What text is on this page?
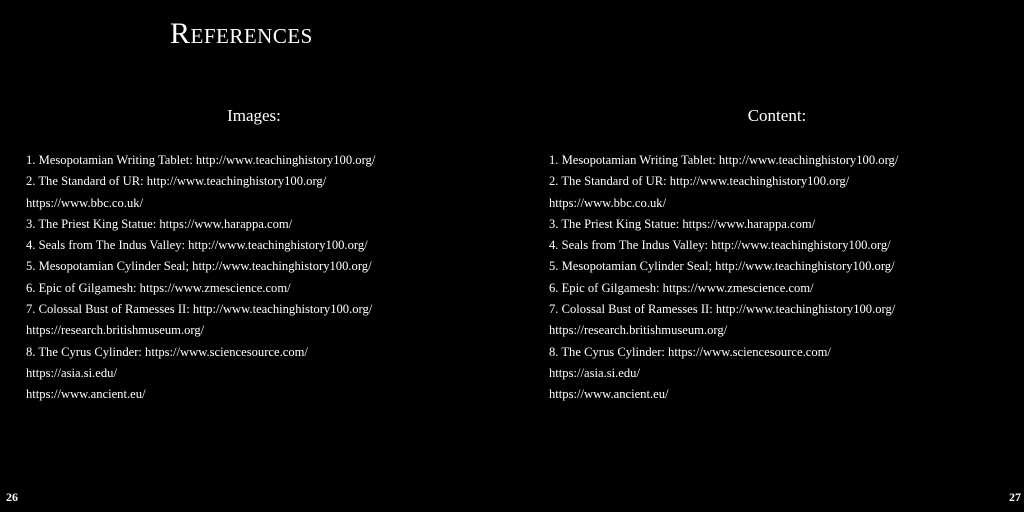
References
Images:
1. Mesopotamian Writing Tablet: http://www.teachinghistory100.org/
2. The Standard of UR: http://www.teachinghistory100.org/
https://www.bbc.co.uk/
3. The Priest King Statue: https://www.harappa.com/
4. Seals from The Indus Valley: http://www.teachinghistory100.org/
5. Mesopotamian Cylinder Seal; http://www.teachinghistory100.org/
6. Epic of Gilgamesh: https://www.zmescience.com/
7. Colossal Bust of Ramesses II: http://www.teachinghistory100.org/
https://research.britishmuseum.org/
8. The Cyrus Cylinder: https://www.sciencesource.com/
https://asia.si.edu/
https://www.ancient.eu/
Content:
1. Mesopotamian Writing Tablet: http://www.teachinghistory100.org/
2. The Standard of UR: http://www.teachinghistory100.org/
https://www.bbc.co.uk/
3. The Priest King Statue: https://www.harappa.com/
4. Seals from The Indus Valley: http://www.teachinghistory100.org/
5. Mesopotamian Cylinder Seal; http://www.teachinghistory100.org/
6. Epic of Gilgamesh: https://www.zmescience.com/
7. Colossal Bust of Ramesses II: http://www.teachinghistory100.org/
https://research.britishmuseum.org/
8. The Cyrus Cylinder: https://www.sciencesource.com/
https://asia.si.edu/
https://www.ancient.eu/
26	27
